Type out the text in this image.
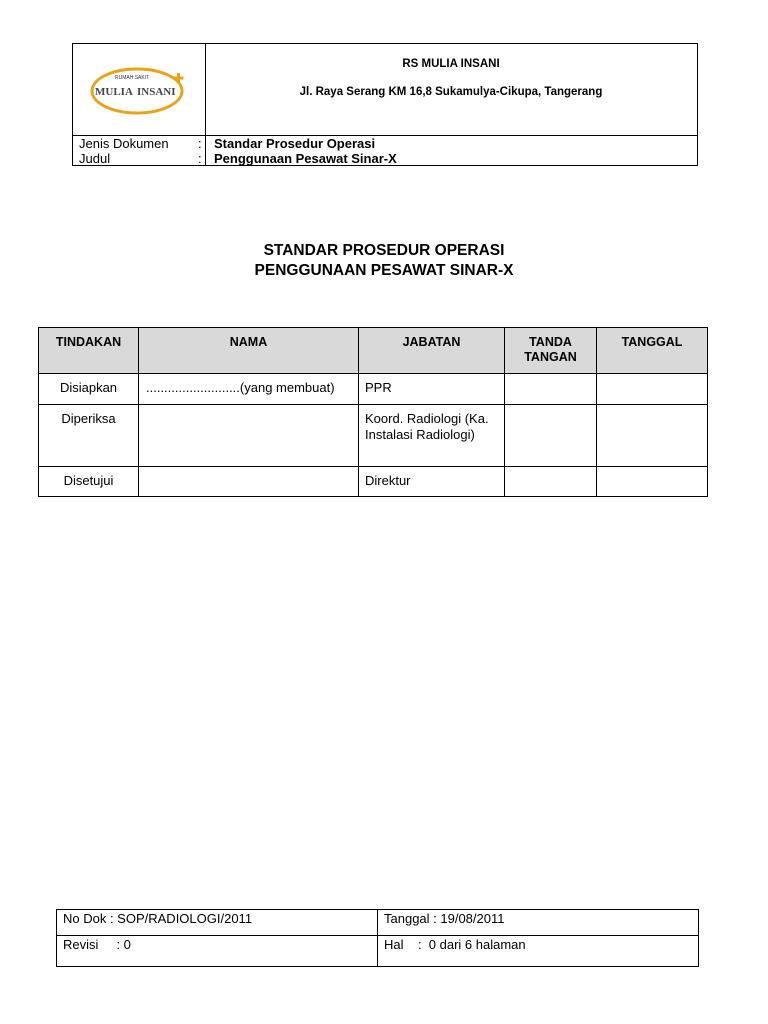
RUMAH SAKIT
MULIA INSANI
RS MULIA INSANI
Jl. Raya Serang KM 16,8 Sukamulya-Cikupa, Tangerang
Jenis Dokumen : Standar Prosedur Operasi
Judul	: Penggunaan Pesawat Sinar-X
STANDAR PROSEDUR OPERASI
PENGGUNAAN PESAWAT SINAR-X
TINDAKAN	NAMA	JABATAN	TANDA TANGAN	TANGGAL
Disiapkan	..........................(yang membuat)	PPR		
Diperiksa		Koord. Radiologi (Ka. Instalasi Radiologi)		
Disetujui		Direktur		
No Dok : SOP/RADIOLOGI/2011	Tanggal : 19/08/2011
Revisi     : 0	Hal    :  0 dari 6 halaman
